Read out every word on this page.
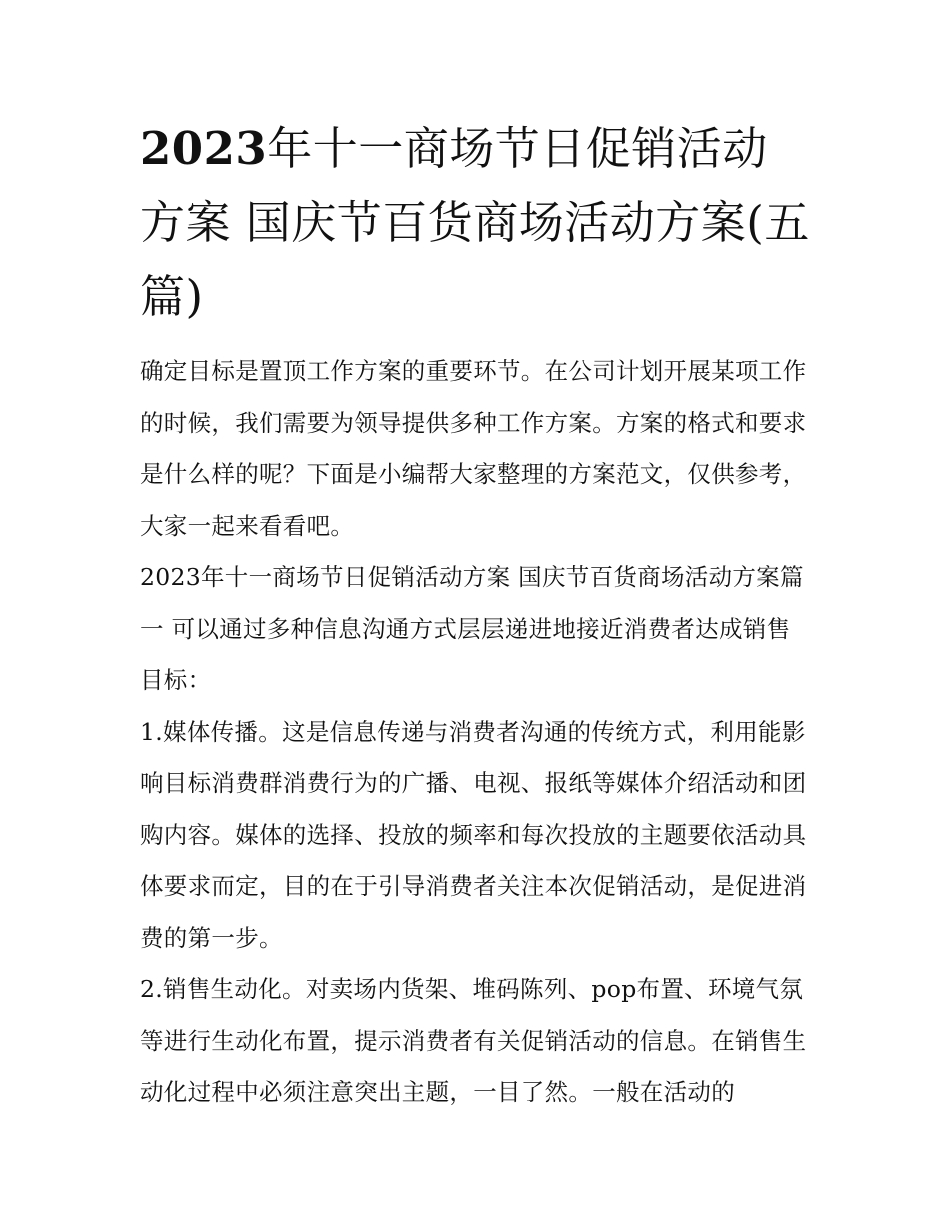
2023年十一商场节日促销活动方案 国庆节百货商场活动方案(五篇)

确定目标是置顶工作方案的重要环节。在公司计划开展某项工作的时候，我们需要为领导提供多种工作方案。方案的格式和要求是什么样的呢？下面是小编帮大家整理的方案范文，仅供参考，大家一起来看看吧。

2023年十一商场节日促销活动方案 国庆节百货商场活动方案篇一 可以通过多种信息沟通方式层层递进地接近消费者达成销售目标：

1.媒体传播。这是信息传递与消费者沟通的传统方式，利用能影响目标消费群消费行为的广播、电视、报纸等媒体介绍活动和团购内容。媒体的选择、投放的频率和每次投放的主题要依活动具体要求而定，目的在于引导消费者关注本次促销活动，是促进消费的第一步。

2.销售生动化。对卖场内货架、堆码陈列、pop布置、环境气氛等进行生动化布置，提示消费者有关促销活动的信息。在销售生动化过程中必须注意突出主题，一目了然。一般在活动的
